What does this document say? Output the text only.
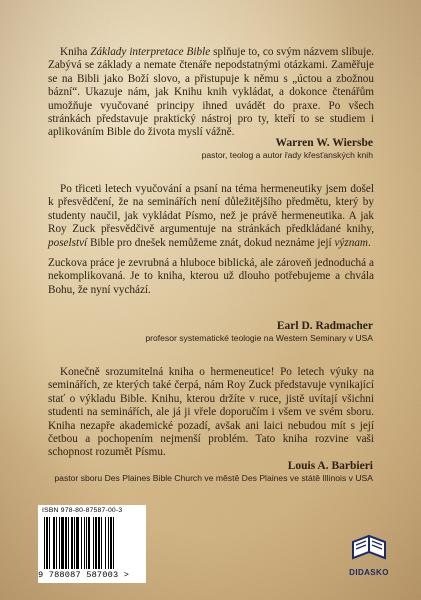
Kniha Základy interpretace Bible splňuje to, co svým názvem slibuje. Zabývá se základy a nemate čtenáře nepodstatnými otázkami. Zaměřuje se na Bibli jako Boží slovo, a přistupuje k němu s „úctou a zbožnou bázní“. Ukazuje nám, jak Knihu knih vykládat, a dokonce čtenářům umožňuje vyučované principy ihned uvádět do praxe. Po všech stránkách představuje praktický nástroj pro ty, kteří to se studiem i aplikováním Bible do života myslí vážně.

Warren W. Wiersbe
pastor, teolog a autor řady křesťanských knih

Po třiceti letech vyučování a psaní na téma hermeneutiky jsem došel k přesvědčení, že na seminářích není důležitějšího předmětu, který by studenty naučil, jak vykládat Písmo, než je právě hermeneutika. A jak Roy Zuck přesvědčivě argumentuje na stránkách předkládané knihy, poselství Bible pro dnešek nemůžeme znát, dokud neznáme její význam.

Zuckova práce je zevrubná a hluboce biblická, ale zároveň jednoduchá a nekomplikovaná. Je to kniha, kterou už dlouho potřebujeme a chvála Bohu, že nyní vychází.

Earl D. Radmacher
profesor systematické teologie na Western Seminary v USA

Konečně srozumitelná kniha o hermeneutice! Po letech výuky na seminářích, ze kterých také čerpá, nám Roy Zuck představuje vynikající stať o výkladu Bible. Knihu, kterou držíte v ruce, jistě uvítají všichni studenti na seminářích, ale já ji vřele doporučím i všem ve svém sboru. Kniha nezapře akademické pozadí, avšak ani laici nebudou mít s její četbou a pochopením nejmenší problém. Tato kniha rozvine vaši schopnost rozumět Písmu.

Louis A. Barbieri
pastor sboru Des Plaines Bible Church ve městě Des Plaines ve státě Illinois v USA
ISBN 978-80-87587-00-3
9 788087 587003 >	DIDASKO
